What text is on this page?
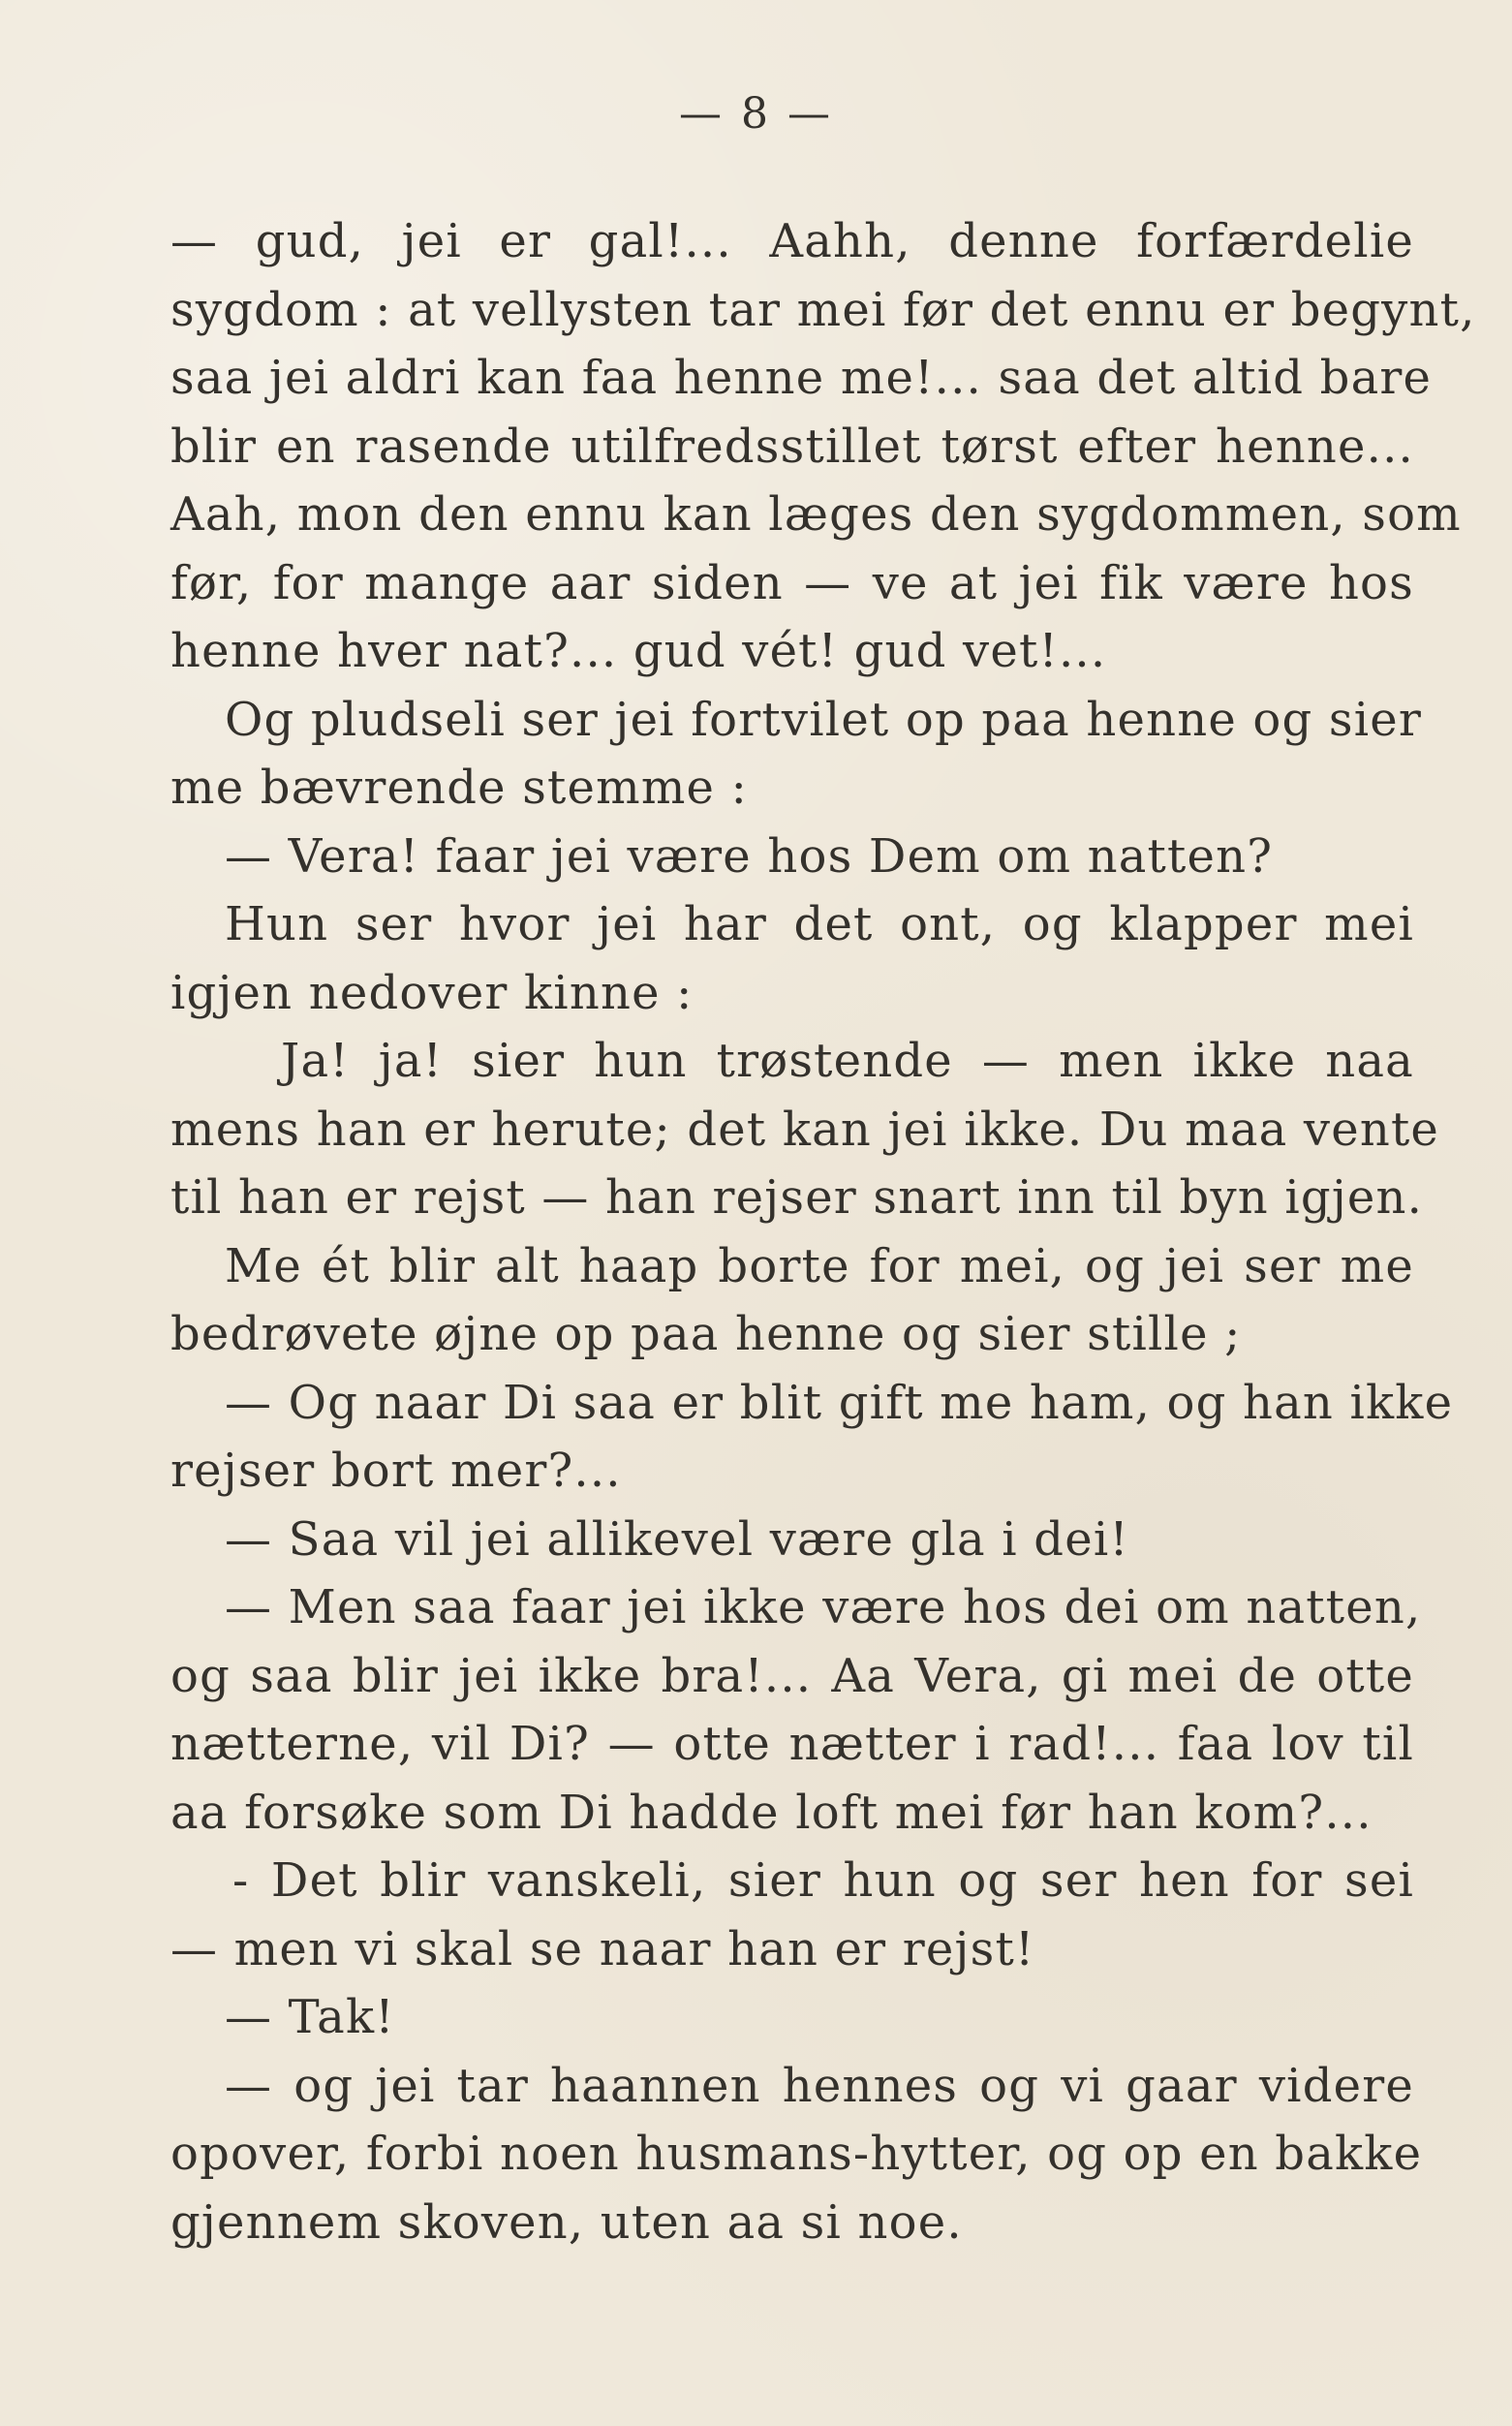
— 8 —
— gud, jei er gal!... Aahh, denne forfærdelie
sygdom : at vellysten tar mei før det ennu er begynt,
saa jei aldri kan faa henne me!... saa det altid bare
blir en rasende utilfredsstillet tørst efter henne...
Aah, mon den ennu kan læges den sygdommen, som
før, for mange aar siden — ve at jei fik være hos
henne hver nat?... gud vét! gud vet!...
Og pludseli ser jei fortvilet op paa henne og sier
me bævrende stemme :
— Vera! faar jei være hos Dem om natten?
Hun ser hvor jei har det ont, og klapper mei
igjen nedover kinne :
Ja! ja! sier hun trøstende — men ikke naa
mens han er herute; det kan jei ikke. Du maa vente
til han er rejst — han rejser snart inn til byn igjen.
Me ét blir alt haap borte for mei, og jei ser me
bedrøvete øjne op paa henne og sier stille ;
— Og naar Di saa er blit gift me ham, og han ikke
rejser bort mer?...
— Saa vil jei allikevel være gla i dei!
— Men saa faar jei ikke være hos dei om natten,
og saa blir jei ikke bra!... Aa Vera, gi mei de otte
nætterne, vil Di? — otte nætter i rad!... faa lov til
aa forsøke som Di hadde loft mei før han kom?...
- Det blir vanskeli, sier hun og ser hen for sei
— men vi skal se naar han er rejst!
— Tak!
— og jei tar haannen hennes og vi gaar videre
opover, forbi noen husmans-hytter, og op en bakke
gjennem skoven, uten aa si noe.
